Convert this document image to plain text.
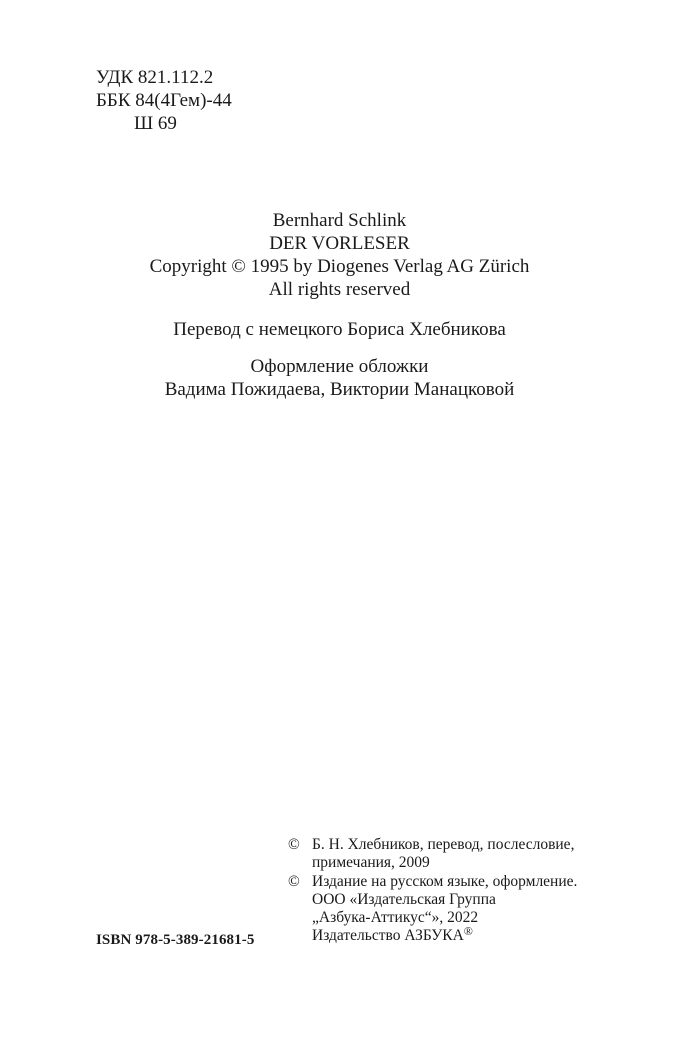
УДК 821.112.2
ББК 84(4Гем)-44
Ш 69
Bernhard Schlink
DER VORLESER
Copyright © 1995 by Diogenes Verlag AG Zürich
All rights reserved
Перевод с немецкого Бориса Хлебникова
Оформление обложки
Вадима Пожидаева, Виктории Манацковой
© Б. Н. Хлебников, перевод, послесловие,
примечания, 2009
© Издание на русском языке, оформление.
ООО «Издательская Группа
„Азбука-Аттикус“», 2022
Издательство АЗБУКА®
ISBN 978-5-389-21681-5
